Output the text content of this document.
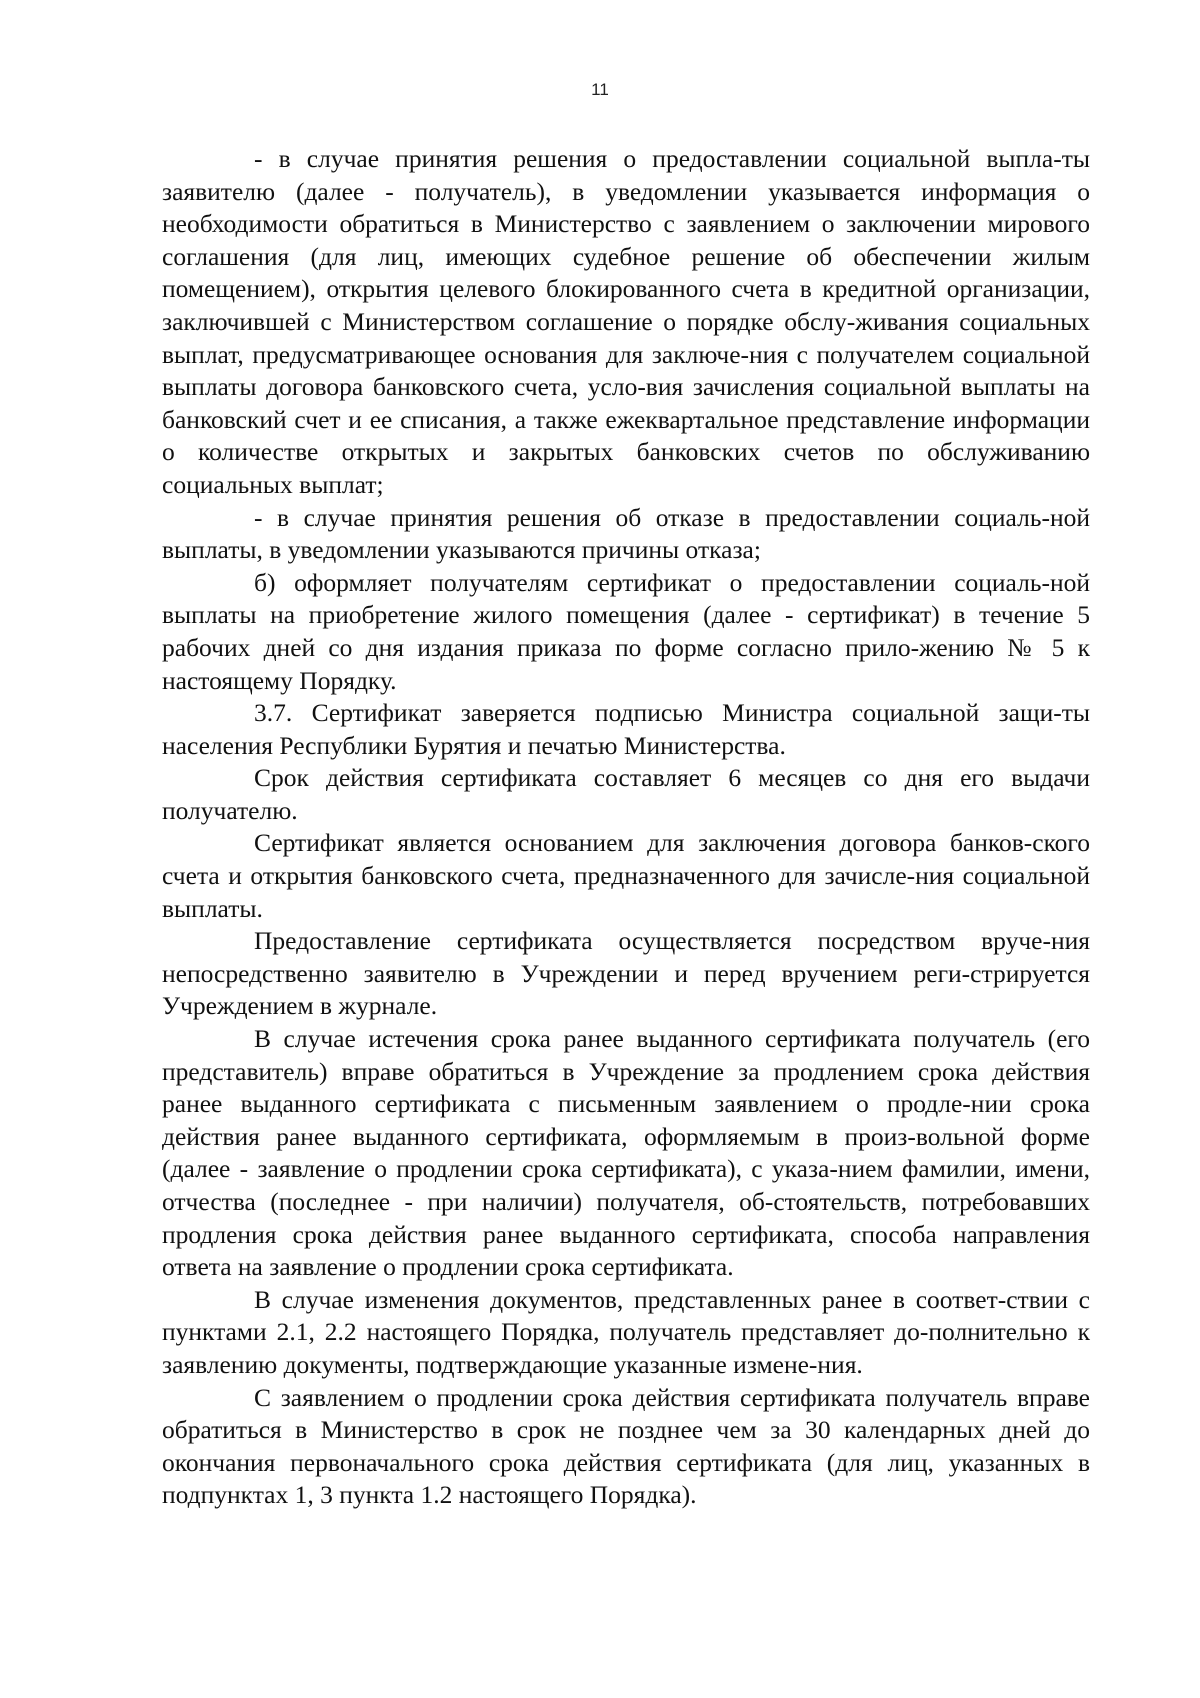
11

- в случае принятия решения о предоставлении социальной выпла-ты заявителю (далее - получатель), в уведомлении указывается информация о необходимости обратиться в Министерство с заявлением о заключении мирового соглашения (для лиц, имеющих судебное решение об обеспечении жилым помещением), открытия целевого блокированного счета в кредитной организации, заключившей с Министерством соглашение о порядке обслу-живания социальных выплат, предусматривающее основания для заключе-ния с получателем социальной выплаты договора банковского счета, усло-вия зачисления социальной выплаты на банковский счет и ее списания, а также ежеквартальное представление информации о количестве открытых и закрытых банковских счетов по обслуживанию социальных выплат;

- в случае принятия решения об отказе в предоставлении социаль-ной выплаты, в уведомлении указываются причины отказа;

б) оформляет получателям сертификат о предоставлении социаль-ной выплаты на приобретение жилого помещения (далее - сертификат) в течение 5 рабочих дней со дня издания приказа по форме согласно прило-жению № 5 к настоящему Порядку.

3.7. Сертификат заверяется подписью Министра социальной защи-ты населения Республики Бурятия и печатью Министерства.

Срок действия сертификата составляет 6 месяцев со дня его выдачи получателю.

Сертификат является основанием для заключения договора банков-ского счета и открытия банковского счета, предназначенного для зачисле-ния социальной выплаты.

Предоставление сертификата осуществляется посредством вруче-ния непосредственно заявителю в Учреждении и перед вручением реги-стрируется Учреждением в журнале.

В случае истечения срока ранее выданного сертификата получатель (его представитель) вправе обратиться в Учреждение за продлением срока действия ранее выданного сертификата с письменным заявлением о продле-нии срока действия ранее выданного сертификата, оформляемым в произ-вольной форме (далее - заявление о продлении срока сертификата), с указа-нием фамилии, имени, отчества (последнее - при наличии) получателя, об-стоятельств, потребовавших продления срока действия ранее выданного сертификата, способа направления ответа на заявление о продлении срока сертификата.

В случае изменения документов, представленных ранее в соответ-ствии с пунктами 2.1, 2.2 настоящего Порядка, получатель представляет до-полнительно к заявлению документы, подтверждающие указанные измене-ния.

С заявлением о продлении срока действия сертификата получатель вправе обратиться в Министерство в срок не позднее чем за 30 календарных дней до окончания первоначального срока действия сертификата (для лиц, указанных в подпунктах 1, 3 пункта 1.2 настоящего Порядка).
